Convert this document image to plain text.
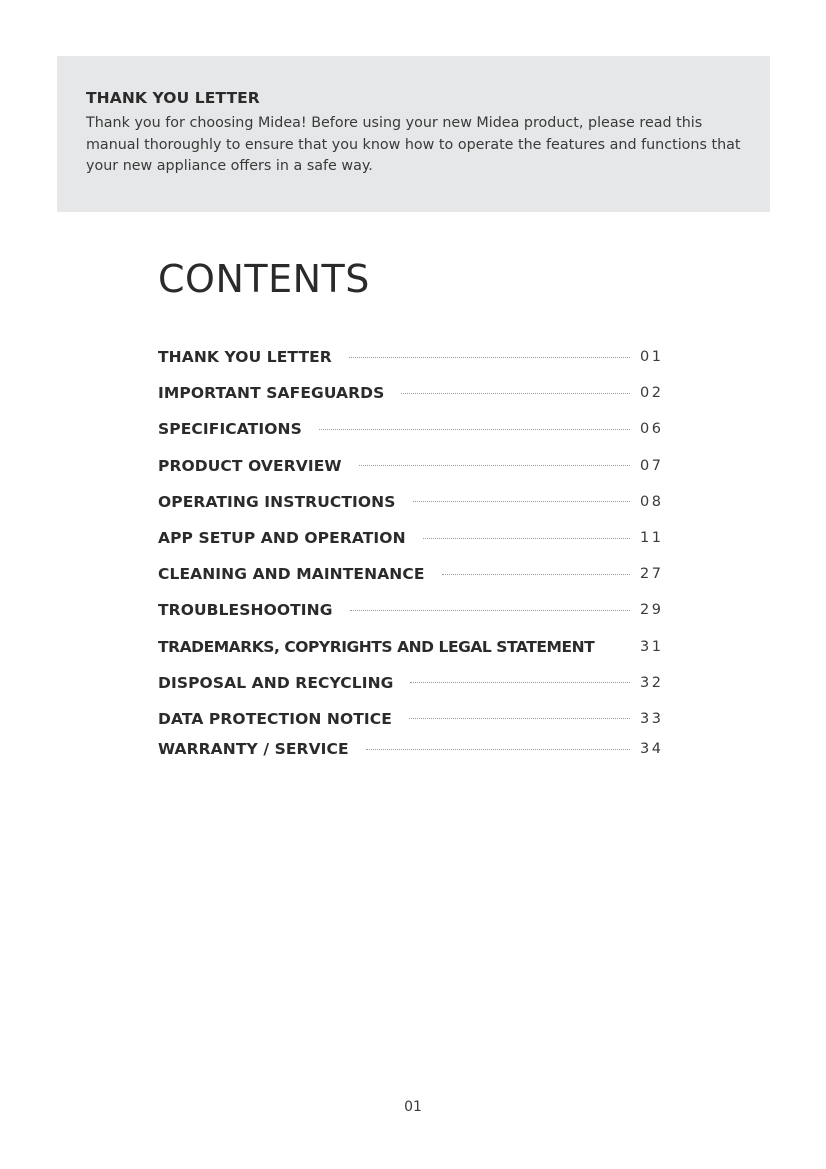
THANK YOU LETTER

Thank you for choosing Midea! Before using your new Midea product, please read this manual thoroughly to ensure that you know how to operate the features and functions that your new appliance offers in a safe way.

CONTENTS
THANK YOU LETTER	01
IMPORTANT SAFEGUARDS	02
SPECIFICATIONS	06
PRODUCT OVERVIEW	07
OPERATING INSTRUCTIONS	08
APP SETUP AND OPERATION	11
CLEANING AND MAINTENANCE	27
TROUBLESHOOTING	29
TRADEMARKS, COPYRIGHTS AND LEGAL STATEMENT	31
DISPOSAL AND RECYCLING	32
DATA PROTECTION NOTICE	33
WARRANTY / SERVICE	34
01
